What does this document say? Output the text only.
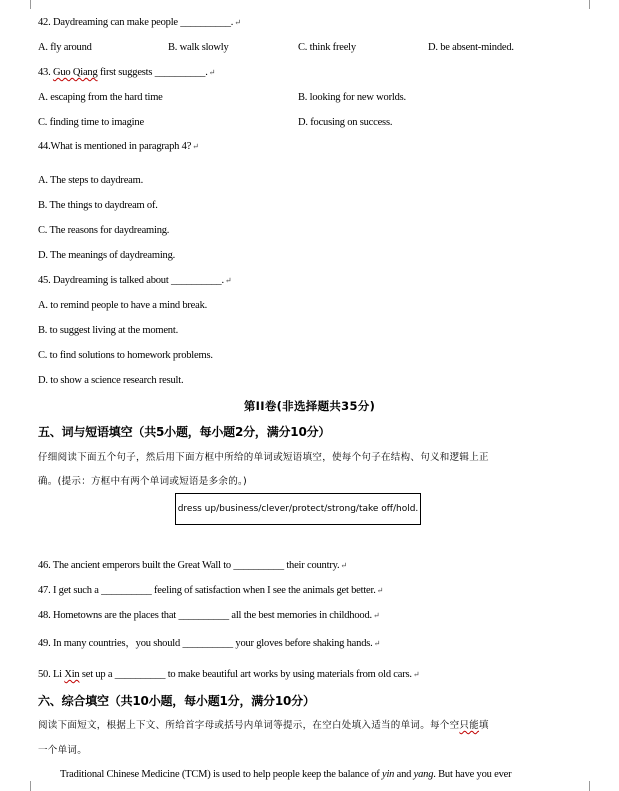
42. Daydreaming can make people __________.↵
A. fly around	B. walk slowly	C. think freely	D. be absent-minded.
43. Guo Qiang first suggests __________.↵
A. escaping from the hard time	B. looking for new worlds.
C. finding time to imagine	D. focusing on success.
44.What is mentioned in paragraph 4?↵
A. The steps to daydream.
B. The things to daydream of.
C. The reasons for daydreaming.
D. The meanings of daydreaming.
45. Daydreaming is talked about __________.↵
A. to remind people to have a mind break.
B. to suggest living at the moment.
C. to find solutions to homework problems.
D. to show a science research result.
第II卷(非选择题共35分)
五、词与短语填空（共5小题，每小题2分，满分10分）
仔细阅读下面五个句子，然后用下面方框中所给的单词或短语填空，使每个句子在结构、句义和逻辑上正
确。(提示：方框中有两个单词或短语是多余的。)
dress up/business/clever/protect/strong/take off/hold.
46. The ancient emperors built the Great Wall to __________ their country.↵
47. I get such a __________ feeling of satisfaction when I see the animals get better.↵
48. Hometowns are the places that __________ all the best memories in childhood.↵
49. In many countries，you should __________ your gloves before shaking hands.↵
50. Li Xin set up a __________ to make beautiful art works by using materials from old cars.↵
六、综合填空（共10小题，每小题1分，满分10分）
阅读下面短文，根据上下文、所给首字母或括号内单词等提示，在空白处填入适当的单词。每个空只能填
一个单词。
Traditional Chinese Medicine (TCM) is used to help people keep the balance of yin and yang. But have you ever
